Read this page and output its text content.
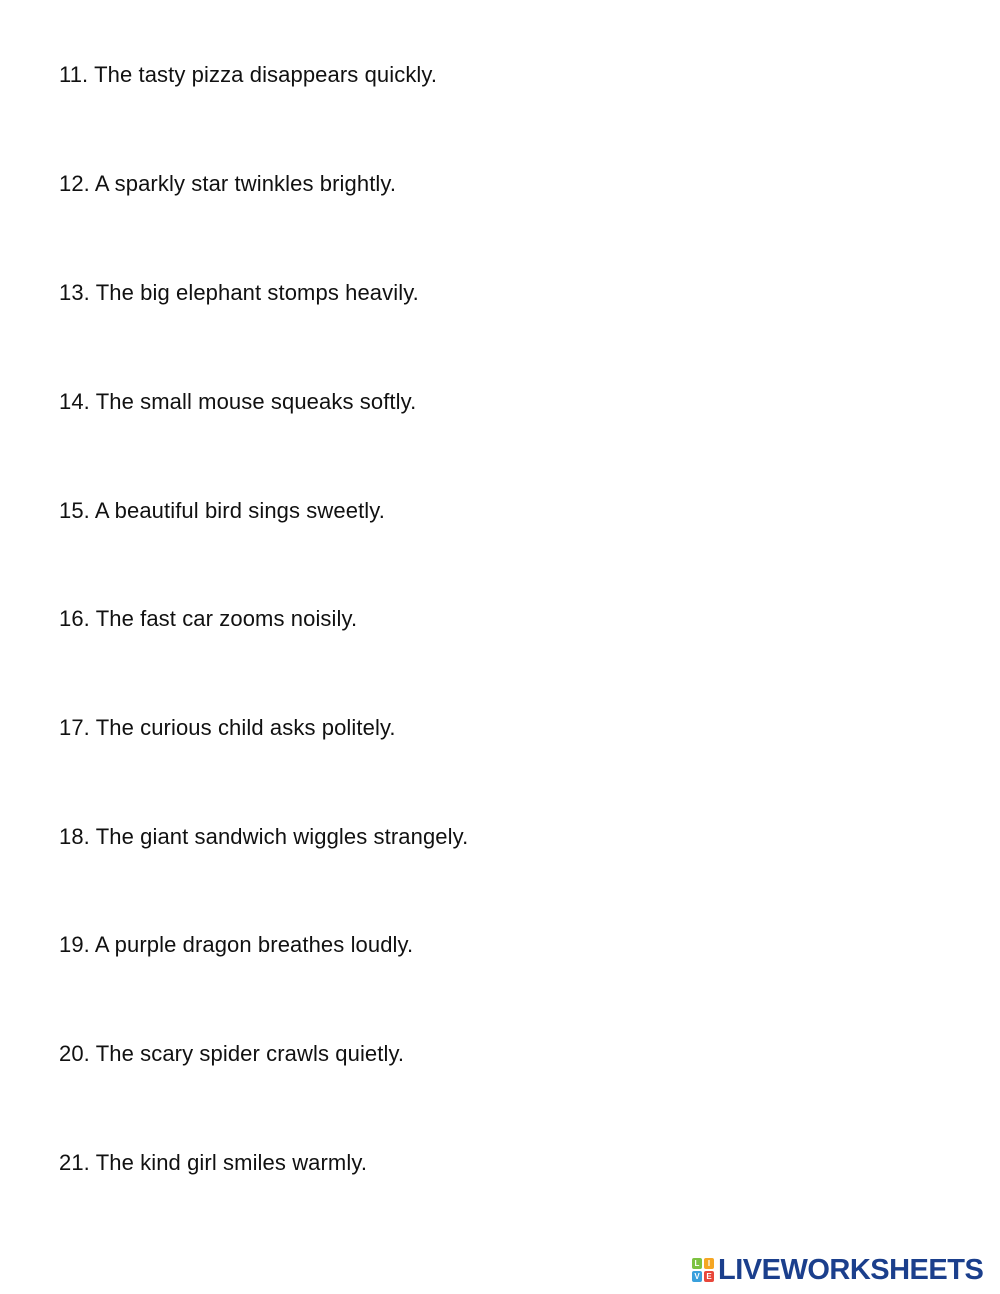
11. The tasty pizza disappears quickly.
12. A sparkly star twinkles brightly.
13. The big elephant stomps heavily.
14. The small mouse squeaks softly.
15. A beautiful bird sings sweetly.
16. The fast car zooms noisily.
17. The curious child asks politely.
18. The giant sandwich wiggles strangely.
19. A purple dragon breathes loudly.
20. The scary spider crawls quietly.
21. The kind girl smiles warmly.
L	I
V E LIVEWORKSHEETS
